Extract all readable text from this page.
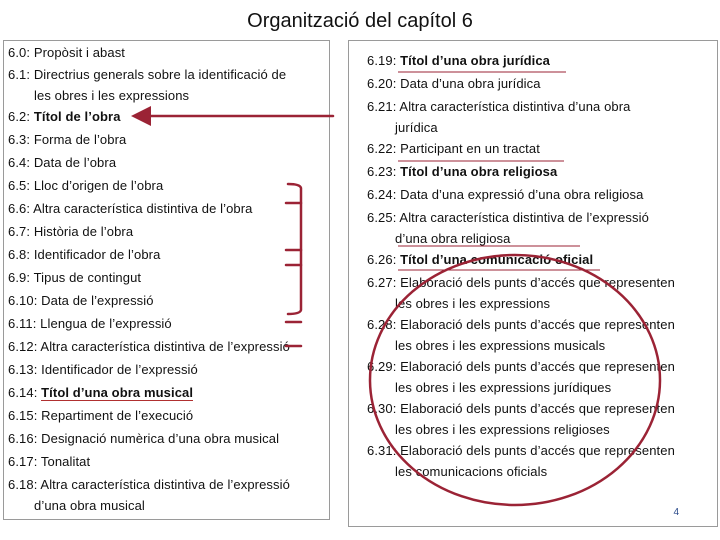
Organització del capítol 6
6.0: Propòsit i abast
6.1: Directrius generals sobre la identificació de
les obres i les expressions
6.2: Títol de l’obra
6.3: Forma de l’obra
6.4: Data de l’obra
6.5: Lloc d’origen de l’obra
6.6: Altra característica distintiva de l’obra
6.7: Història de l’obra
6.8: Identificador de l’obra
6.9: Tipus de contingut
6.10: Data de l’expressió
6.11: Llengua de l’expressió
6.12: Altra característica distintiva de l’expressió
6.13: Identificador de l’expressió
6.14: Títol d’una obra musical
6.15: Repartiment de l’execució
6.16: Designació numèrica d’una obra musical
6.17: Tonalitat
6.18: Altra característica distintiva de l’expressió
d’una obra musical
6.19: Títol d’una obra jurídica
6.20: Data d’una obra jurídica
6.21: Altra característica distintiva d’una obra
jurídica
6.22: Participant en un tractat
6.23: Títol d’una obra religiosa
6.24: Data d’una expressió d’una obra religiosa
6.25: Altra característica distintiva de l’expressió
d’una obra religiosa
6.26: Títol d’una comunicació oficial
6.27: Elaboració dels punts d’accés que representen
les obres i les expressions
6.28: Elaboració dels punts d’accés que representen
les obres i les expressions musicals
6.29: Elaboració dels punts d’accés que representen
les obres i les expressions jurídiques
6.30: Elaboració dels punts d’accés que representen
les obres i les expressions religioses
6.31: Elaboració dels punts d’accés que representen
les comunicacions oficials
4
